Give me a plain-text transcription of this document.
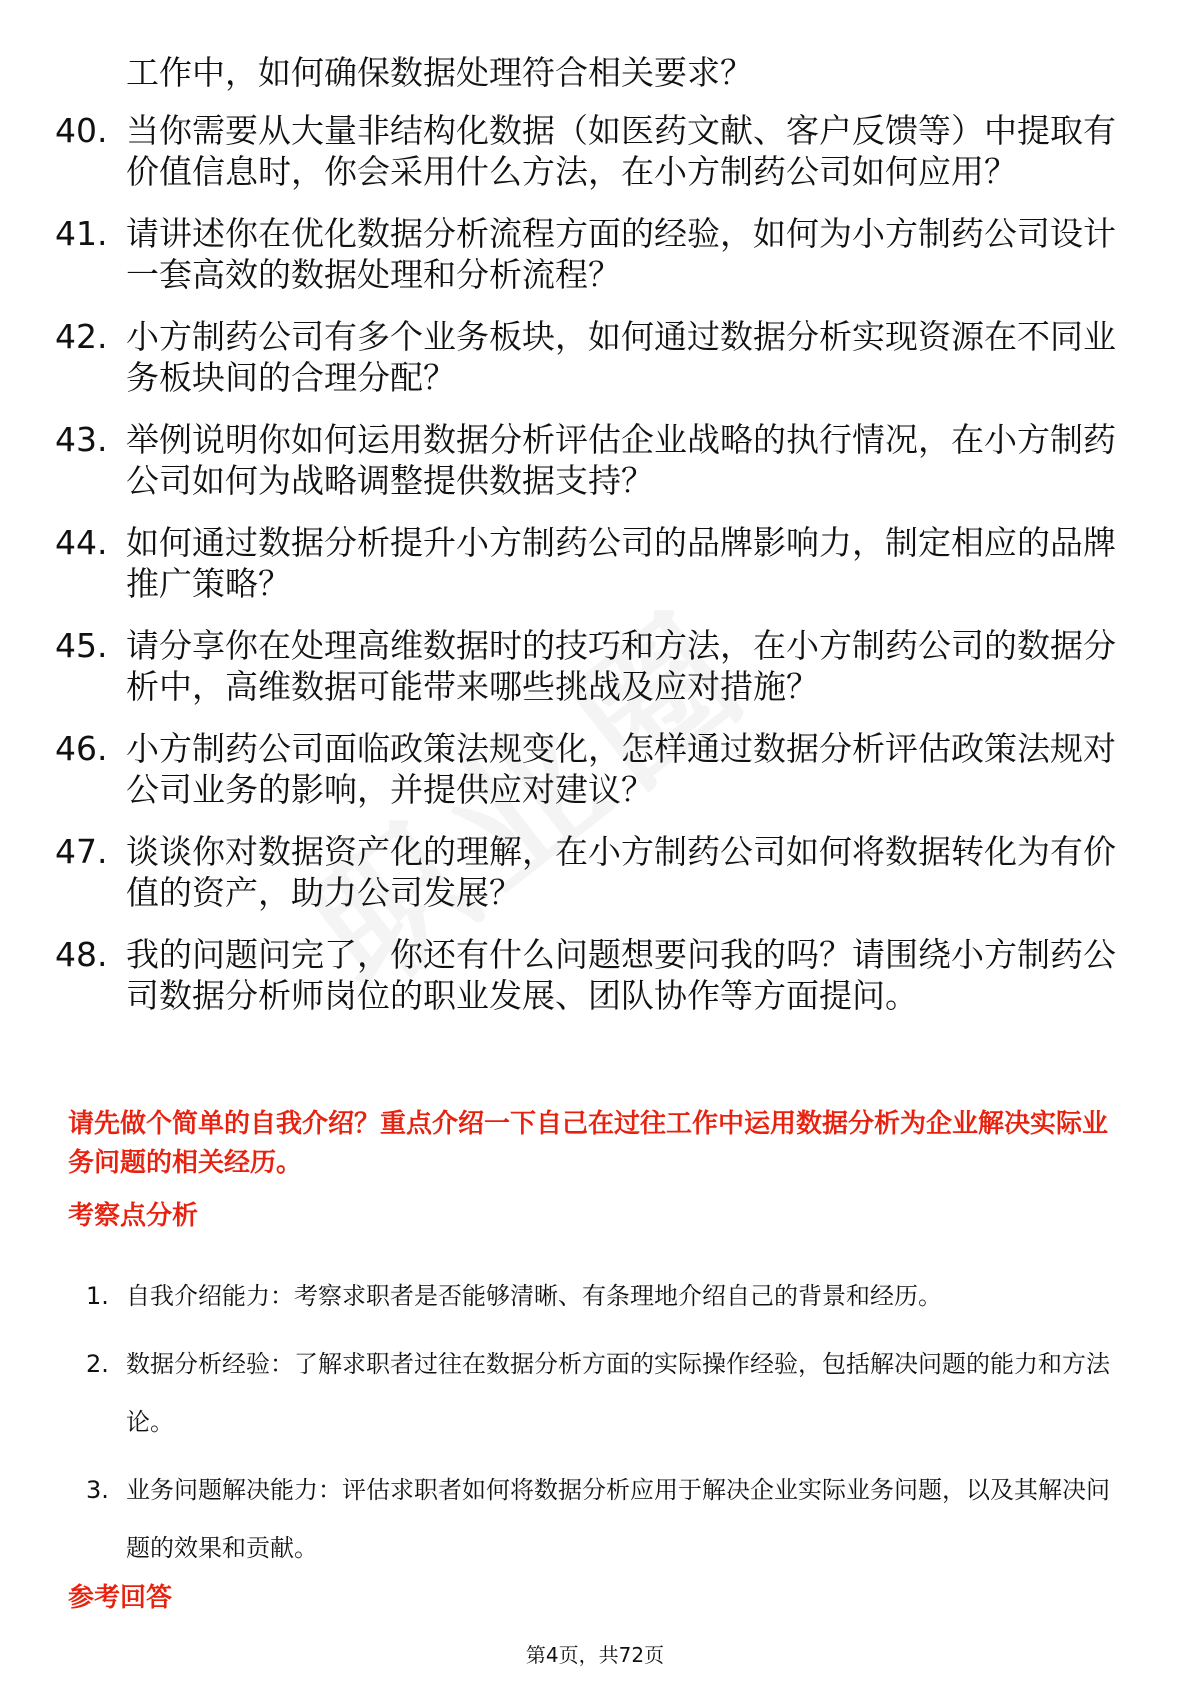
工作中，如何确保数据处理符合相关要求？

40. 当你需要从大量非结构化数据（如医药文献、客户反馈等）中提取有价值信息时，你会采用什么方法，在小方制药公司如何应用？
41. 请讲述你在优化数据分析流程方面的经验，如何为小方制药公司设计一套高效的数据处理和分析流程？
42. 小方制药公司有多个业务板块，如何通过数据分析实现资源在不同业务板块间的合理分配？
43. 举例说明你如何运用数据分析评估企业战略的执行情况，在小方制药公司如何为战略调整提供数据支持？
44. 如何通过数据分析提升小方制药公司的品牌影响力，制定相应的品牌推广策略？
45. 请分享你在处理高维数据时的技巧和方法，在小方制药公司的数据分析中，高维数据可能带来哪些挑战及应对措施？
46. 小方制药公司面临政策法规变化，怎样通过数据分析评估政策法规对公司业务的影响，并提供应对建议？
47. 谈谈你对数据资产化的理解，在小方制药公司如何将数据转化为有价值的资产，助力公司发展？
48. 我的问题问完了，你还有什么问题想要问我的吗？请围绕小方制药公司数据分析师岗位的职业发展、团队协作等方面提问。

请先做个简单的自我介绍？重点介绍一下自己在过往工作中运用数据分析为企业解决实际业务问题的相关经历。

考察点分析

1. 自我介绍能力：考察求职者是否能够清晰、有条理地介绍自己的背景和经历。
2. 数据分析经验：了解求职者过往在数据分析方面的实际操作经验，包括解决问题的能力和方法论。
3. 业务问题解决能力：评估求职者如何将数据分析应用于解决企业实际业务问题，以及其解决问题的效果和贡献。

参考回答

第4页，共72页
